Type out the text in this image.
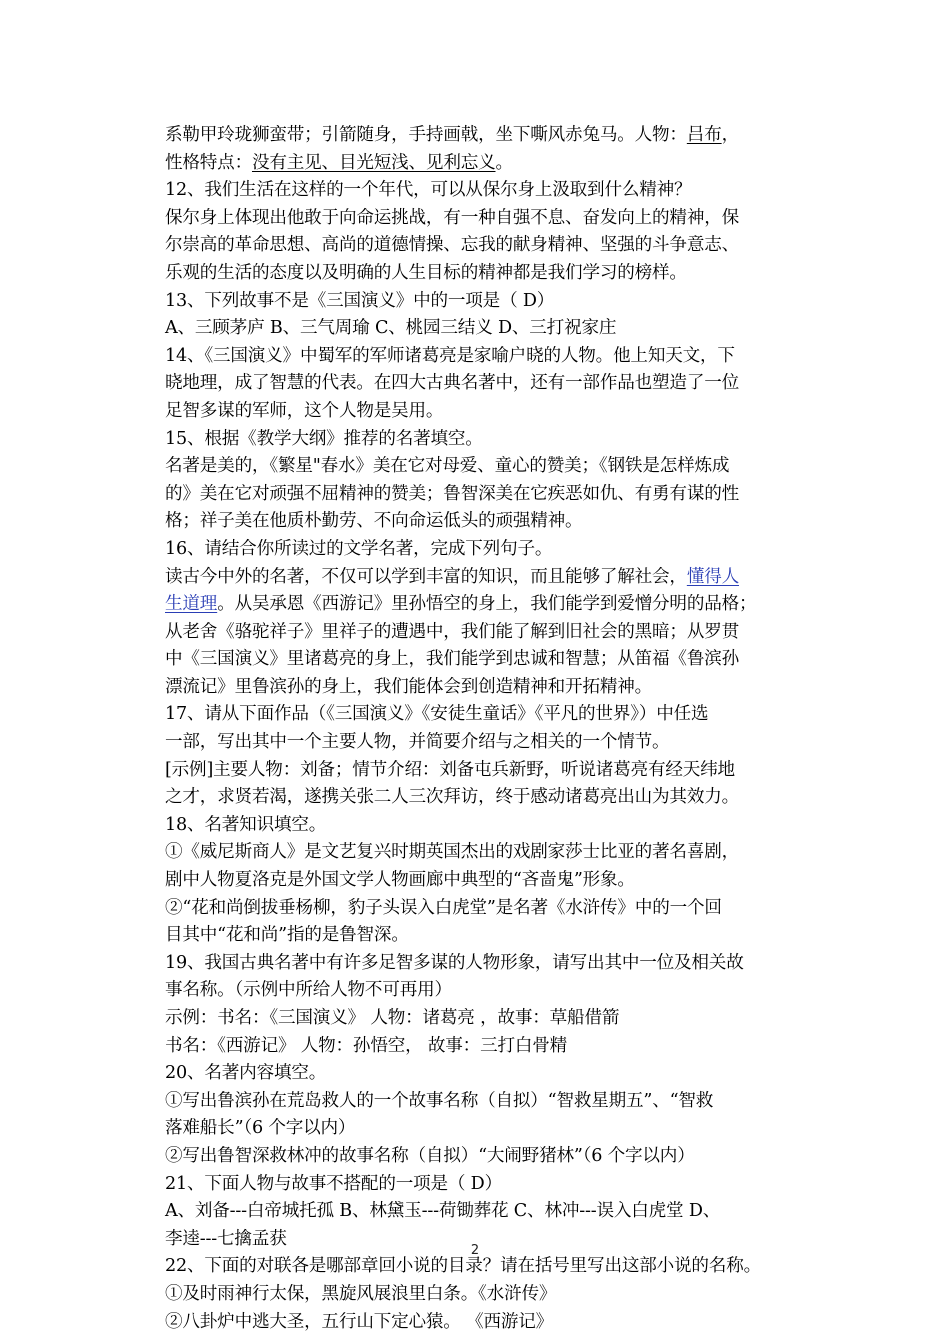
系勒甲玲珑狮蛮带；引箭随身，手持画戟，坐下嘶风赤兔马。人物：吕布，
性格特点：没有主见、目光短浅、见利忘义。
12、我们生活在这样的一个年代，可以从保尔身上汲取到什么精神？
保尔身上体现出他敢于向命运挑战，有一种自强不息、奋发向上的精神，保
尔崇高的革命思想、高尚的道德情操、忘我的献身精神、坚强的斗争意志、
乐观的生活的态度以及明确的人生目标的精神都是我们学习的榜样。
13、下列故事不是《三国演义》中的一项是（ D）
A、三顾茅庐 B、三气周瑜 C、桃园三结义 D、三打祝家庄
14、《三国演义》中蜀军的军师诸葛亮是家喻户晓的人物。他上知天文，下
晓地理，成了智慧的代表。在四大古典名著中，还有一部作品也塑造了一位
足智多谋的军师，这个人物是吴用。
15、根据《教学大纲》推荐的名著填空。
名著是美的，《繁星"春水》美在它对母爱、童心的赞美；《钢铁是怎样炼成
的》美在它对顽强不屈精神的赞美；鲁智深美在它疾恶如仇、有勇有谋的性
格；祥子美在他质朴勤劳、不向命运低头的顽强精神。
16、请结合你所读过的文学名著，完成下列句子。
读古今中外的名著，不仅可以学到丰富的知识，而且能够了解社会，懂得人
生道理。从吴承恩《西游记》里孙悟空的身上，我们能学到爱憎分明的品格；
从老舍《骆驼祥子》里祥子的遭遇中，我们能了解到旧社会的黑暗；从罗贯
中《三国演义》里诸葛亮的身上，我们能学到忠诚和智慧；从笛福《鲁滨孙
漂流记》里鲁滨孙的身上，我们能体会到创造精神和开拓精神。
17、请从下面作品（《三国演义》《安徒生童话》《平凡的世界》）中任选
一部，写出其中一个主要人物，并简要介绍与之相关的一个情节。
[示例]主要人物：刘备；情节介绍：刘备屯兵新野，听说诸葛亮有经天纬地
之才，求贤若渴，遂携关张二人三次拜访，终于感动诸葛亮出山为其效力。
18、名著知识填空。
①《威尼斯商人》是文艺复兴时期英国杰出的戏剧家莎士比亚的著名喜剧，
剧中人物夏洛克是外国文学人物画廊中典型的“吝啬鬼”形象。
②“花和尚倒拔垂杨柳，豹子头误入白虎堂”是名著《水浒传》中的一个回
目其中“花和尚”指的是鲁智深。
19、我国古典名著中有许多足智多谋的人物形象，请写出其中一位及相关故
事名称。（示例中所给人物不可再用）
示例：书名：《三国演义》 人物：诸葛亮 ，故事：草船借箭
书名：《西游记》 人物：孙悟空， 故事：三打白骨精
20、名著内容填空。
①写出鲁滨孙在荒岛救人的一个故事名称（自拟）“智救星期五”、“智救
落难船长”（6 个字以内）
②写出鲁智深救林冲的故事名称（自拟）“大闹野猪林”（6 个字以内）
21、下面人物与故事不搭配的一项是（ D）
A、刘备---白帝城托孤 B、林黛玉---荷锄葬花 C、林冲---误入白虎堂 D、
李逵---七擒孟获
22、下面的对联各是哪部章回小说的目录？请在括号里写出这部小说的名称。
①及时雨神行太保，黑旋风展浪里白条。《水浒传》
②八卦炉中逃大圣，五行山下定心猿。 《西游记》
2
